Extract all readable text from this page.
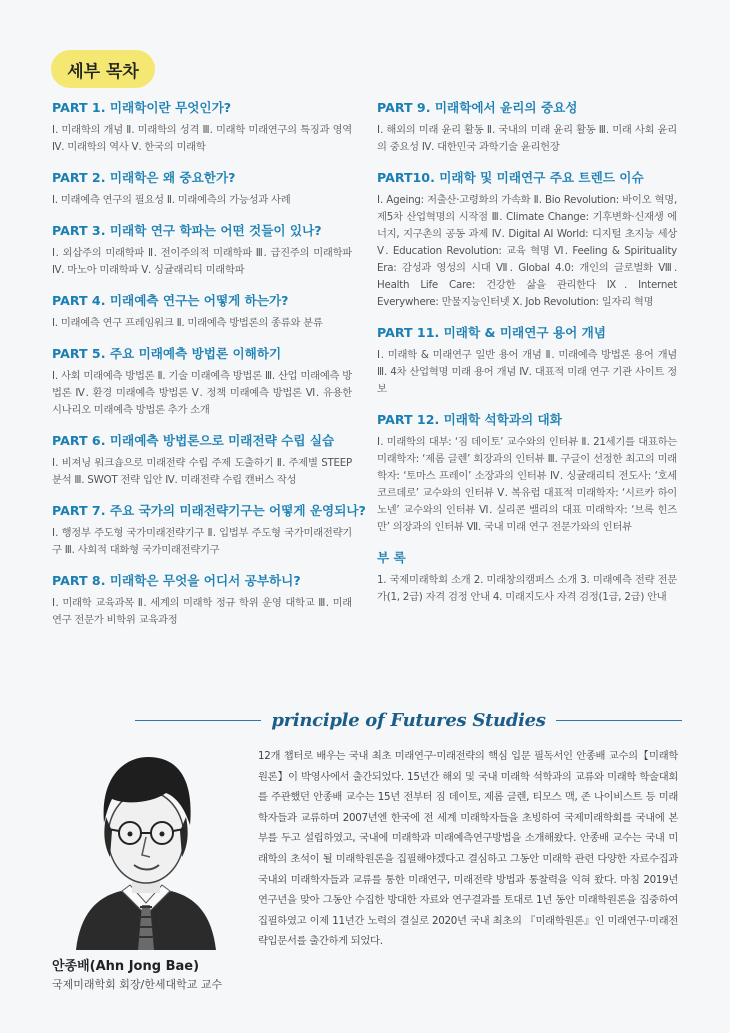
세부 목차
PART 1. 미래학이란 무엇인가?

Ⅰ. 미래학의 개념 Ⅱ. 미래학의 성격 Ⅲ. 미래학 미래연구의 특징과 영역 Ⅳ. 미래학의 역사 Ⅴ. 한국의 미래학

PART 2. 미래학은 왜 중요한가?

Ⅰ. 미래예측 연구의 필요성 Ⅱ. 미래예측의 가능성과 사례

PART 3. 미래학 연구 학파는 어떤 것들이 있나?

Ⅰ. 외삽주의 미래학파 Ⅱ. 전이주의적 미래학파 Ⅲ. 급진주의 미래학파 Ⅳ. 마노아 미래학파 Ⅴ. 싱귤래리티 미래학파

PART 4. 미래예측 연구는 어떻게 하는가?

Ⅰ. 미래예측 연구 프레임워크 Ⅱ. 미래예측 방법론의 종류와 분류

PART 5. 주요 미래예측 방법론 이해하기

Ⅰ. 사회 미래예측 방법론 Ⅱ. 기술 미래예측 방법론 Ⅲ. 산업 미래예측 방법론 Ⅳ. 환경 미래예측 방법론 Ⅴ. 정책 미래예측 방법론 Ⅵ. 유용한 시나리오 미래예측 방법론 추가 소개

PART 6. 미래예측 방법론으로 미래전략 수립 실습

Ⅰ. 비져닝 워크숍으로 미래전략 수립 주제 도출하기 Ⅱ. 주제별 STEEP 분석 Ⅲ. SWOT 전략 입안 Ⅳ. 미래전략 수립 캔버스 작성

PART 7. 주요 국가의 미래전략기구는 어떻게 운영되나?

Ⅰ. 행정부 주도형 국가미래전략기구 Ⅱ. 입법부 주도형 국가미래전략기구 Ⅲ. 사회적 대화형 국가미래전략기구

PART 8. 미래학은 무엇을 어디서 공부하니?

Ⅰ. 미래학 교육과목 Ⅱ. 세계의 미래학 정규 학위 운영 대학교 Ⅲ. 미래 연구 전문가 비학위 교육과정

PART 9. 미래학에서 윤리의 중요성

Ⅰ. 해외의 미래 윤리 활동 Ⅱ. 국내의 미래 윤리 활동 Ⅲ. 미래 사회 윤리의 중요성 Ⅳ. 대한민국 과학기술 윤리헌장

PART10. 미래학 및 미래연구 주요 트렌드 이슈

Ⅰ. Ageing: 저출산·고령화의 가속화 Ⅱ. Bio Revolution: 바이오 혁명, 제5차 산업혁명의 시작점 Ⅲ. Climate Change: 기후변화·신재생 에너지, 지구촌의 공동 과제 Ⅳ. Digital AI World: 디지털 초지능 세상 Ⅴ. Education Revolution: 교육 혁명 Ⅵ. Feeling & Spirituality Era: 감성과 영성의 시대 Ⅶ. Global 4.0: 개인의 글로벌화 Ⅷ. Health Life Care: 건강한 삶을 관리한다 Ⅸ. Internet Everywhere: 만물지능인터넷 Ⅹ. Job Revolution: 일자리 혁명

PART 11. 미래학 & 미래연구 용어 개념

Ⅰ. 미래학 & 미래연구 일반 용어 개념 Ⅱ. 미래예측 방법론 용어 개념 Ⅲ. 4차 산업혁명 미래 용어 개념 Ⅳ. 대표적 미래 연구 기관 사이트 정보

PART 12. 미래학 석학과의 대화

Ⅰ. 미래학의 대부: ‘짐 데이토’ 교수와의 인터뷰 Ⅱ. 21세기를 대표하는 미래학자: ‘제롬 글렌’ 회장과의 인터뷰 Ⅲ. 구글이 선정한 최고의 미래학자: ‘토마스 프레이’ 소장과의 인터뷰 Ⅳ. 싱귤래리티 전도사: ‘호세 코르데로’ 교수와의 인터뷰 Ⅴ. 복유럽 대표적 미래학자: ‘시르카 하이노넨’ 교수와의 인터뷰 Ⅵ. 실리콘 밸리의 대표 미래학자: ‘브록 힌즈만’ 의장과의 인터뷰 Ⅶ. 국내 미래 연구 전문가와의 인터뷰

부 록

1. 국제미래학회 소개 2. 미래창의캠퍼스 소개 3. 미래예측 전략 전문가(1, 2급) 자격 검정 안내 4. 미래지도사 자격 검정(1급, 2급) 안내

principle of Futures Studies
안종배(Ahn Jong Bae)
국제미래학회 회장/한세대학교 교수

12개 챕터로 배우는 국내 최초 미래연구·미래전략의 핵심 입문 필독서인 안종배 교수의【미래학원론】이 박영사에서 출간되었다. 15년간 해외 및 국내 미래학 석학과의 교류와 미래학 학술대회를 주관했던 안종배 교수는 15년 전부터 짐 데이토, 제롬 글렌, 티모스 맥, 존 나이비스트 등 미래학자들과 교류하며 2007년엔 한국에 전 세계 미래학자들을 초빙하여 국제미래학회를 국내에 본부를 두고 설립하였고, 국내에 미래학과 미래예측연구방법을 소개해왔다. 안종배 교수는 국내 미래학의 초석이 될 미래학원론을 집필해야겠다고 결심하고 그동안 미래학 관련 다양한 자료수집과 국내외 미래학자들과 교류를 통한 미래연구, 미래전략 방법과 통찰력을 익혀 왔다. 마침 2019년 연구년을 맞아 그동안 수집한 방대한 자료와 연구결과를 토대로 1년 동안 미래학원론을 집중하여 집필하였고 이제 11년간 노력의 결실로 2020년 국내 최초의 『미래학원론』인 미래연구·미래전략입문서를 출간하게 되었다.
